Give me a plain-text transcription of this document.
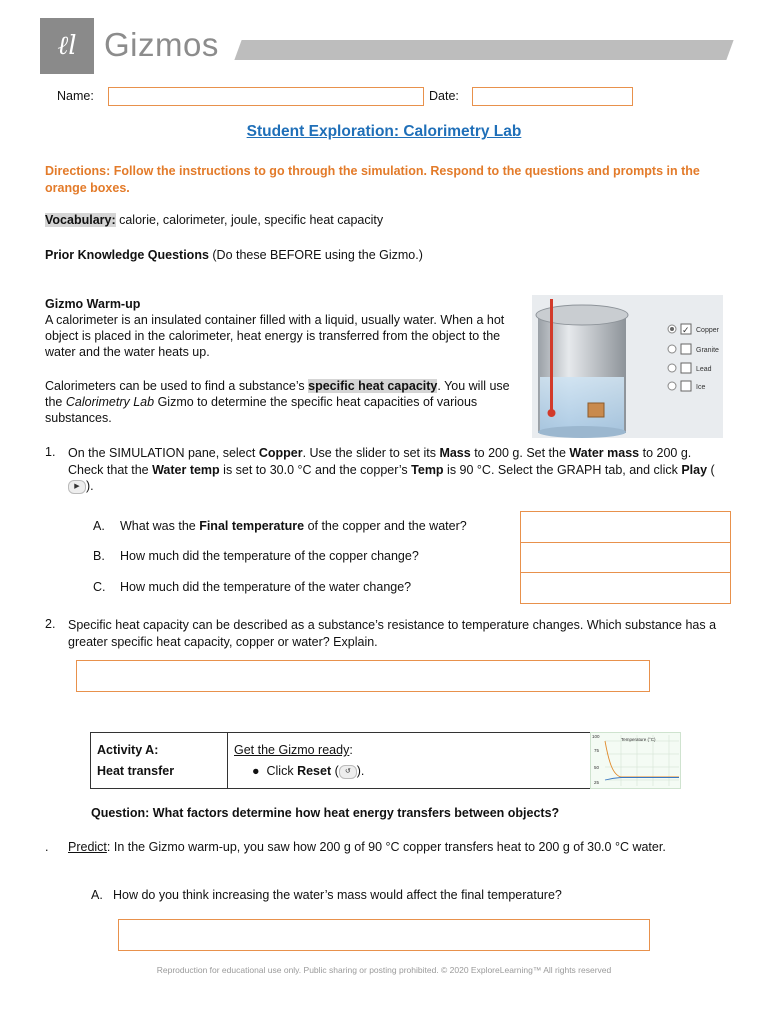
ℓl Gizmos
Name:	Date:
Student Exploration: Calorimetry Lab
Directions: Follow the instructions to go through the simulation. Respond to the questions and prompts in the orange boxes.
Vocabulary: calorie, calorimeter, joule, specific heat capacity
Prior Knowledge Questions (Do these BEFORE using the Gizmo.)
Gizmo Warm-up
A calorimeter is an insulated container filled with a liquid, usually water. When a hot object is placed in the calorimeter, heat energy is transferred from the object to the water and the water heats up.
Calorimeters can be used to find a substance’s specific heat capacity. You will use the Calorimetry Lab Gizmo to determine the specific heat capacities of various substances.
✓ Copper
Granite
Lead
Ice
1.	On the SIMULATION pane, select Copper. Use the slider to set its Mass to 200 g. Set the Water mass to 200 g. Check that the Water temp is set to 30.0 °C and the copper’s Temp is 90 °C. Select the GRAPH tab, and click Play (▶ ).
A. What was the Final temperature of the copper and the water?
B. How much did the temperature of the copper change?
C. How much did the temperature of the water change?
2.	Specific heat capacity can be described as a substance’s resistance to temperature changes. Which substance has a greater specific heat capacity, copper or water? Explain.
Activity A:
Heat transfer

Get the Gizmo ready:
●  Click Reset ( ↺ ).
Temperature (°C)
100
75
50
25
Question: What factors determine how heat energy transfers between objects?
. Predict: In the Gizmo warm-up, you saw how 200 g of 90 °C copper transfers heat to 200 g of 30.0 °C water.
A. How do you think increasing the water’s mass would affect the final temperature?
Reproduction for educational use only. Public sharing or posting prohibited. © 2020 ExploreLearning™ All rights reserved
